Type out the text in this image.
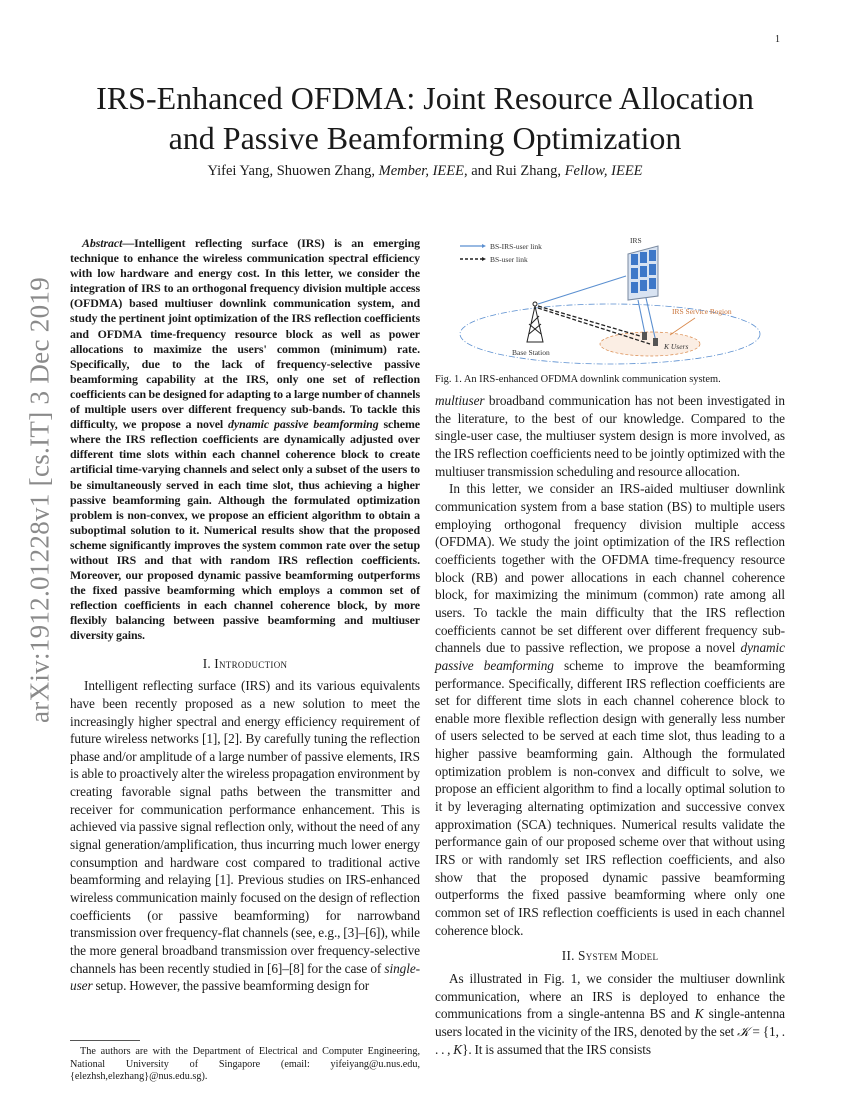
1
arXiv:1912.01228v1 [cs.IT] 3 Dec 2019
IRS-Enhanced OFDMA: Joint Resource Allocation
and Passive Beamforming Optimization
Yifei Yang, Shuowen Zhang, Member, IEEE, and Rui Zhang, Fellow, IEEE

Abstract—Intelligent reflecting surface (IRS) is an emerging technique to enhance the wireless communication spectral efficiency with low hardware and energy cost. In this letter, we consider the integration of IRS to an orthogonal frequency division multiple access (OFDMA) based multiuser downlink communication system, and study the pertinent joint optimization of the IRS reflection coefficients and OFDMA time-frequency resource block as well as power allocations to maximize the users' common (minimum) rate. Specifically, due to the lack of frequency-selective passive beamforming capability at the IRS, only one set of reflection coefficients can be designed for adapting to a large number of channels of multiple users over different frequency sub-bands. To tackle this difficulty, we propose a novel dynamic passive beamforming scheme where the IRS reflection coefficients are dynamically adjusted over different time slots within each channel coherence block to create artificial time-varying channels and select only a subset of the users to be simultaneously served in each time slot, thus achieving a higher passive beamforming gain. Although the formulated optimization problem is non-convex, we propose an efficient algorithm to obtain a suboptimal solution to it. Numerical results show that the proposed scheme significantly improves the system common rate over the setup without IRS and that with random IRS reflection coefficients. Moreover, our proposed dynamic passive beamforming outperforms the fixed passive beamforming which employs a common set of reflection coefficients in each channel coherence block, by more flexibly balancing between passive beamforming and multiuser diversity gains.

I. Introduction

Intelligent reflecting surface (IRS) and its various equivalents have been recently proposed as a new solution to meet the increasingly higher spectral and energy efficiency requirement of future wireless networks [1], [2]. By carefully tuning the reflection phase and/or amplitude of a large number of passive elements, IRS is able to proactively alter the wireless propagation environment by creating favorable signal paths between the transmitter and receiver for communication performance enhancement. This is achieved via passive signal reflection only, without the need of any signal generation/amplification, thus incurring much lower energy consumption and hardware cost compared to traditional active beamforming and relaying [1]. Previous studies on IRS-enhanced wireless communication mainly focused on the design of reflection coefficients (or passive beamforming) for narrowband transmission over frequency-flat channels (see, e.g., [3]–[6]), while the more general broadband transmission over frequency-selective channels has been recently studied in [6]–[8] for the case of single-user setup. However, the passive beamforming design for

The authors are with the Department of Electrical and Computer Engineering, National University of Singapore (email: yifeiyang@u.nus.edu, {elezhsh,elezhang}@nus.edu.sg).
BS-IRS-user link
BS-user link
IRS
Base Station
IRS Service Region
K Users
Fig. 1. An IRS-enhanced OFDMA downlink communication system.

multiuser broadband communication has not been investigated in the literature, to the best of our knowledge. Compared to the single-user case, the multiuser system design is more involved, as the IRS reflection coefficients need to be jointly optimized with the multiuser transmission scheduling and resource allocation.

In this letter, we consider an IRS-aided multiuser downlink communication system from a base station (BS) to multiple users employing orthogonal frequency division multiple access (OFDMA). We study the joint optimization of the IRS reflection coefficients together with the OFDMA time-frequency resource block (RB) and power allocations in each channel coherence block, for maximizing the minimum (common) rate among all users. To tackle the main difficulty that the IRS reflection coefficients cannot be set different over different frequency sub-channels due to passive reflection, we propose a novel dynamic passive beamforming scheme to improve the beamforming performance. Specifically, different IRS reflection coefficients are set for different time slots in each channel coherence block to enable more flexible reflection design with generally less number of users selected to be served at each time slot, thus leading to a higher passive beamforming gain. Although the formulated optimization problem is non-convex and difficult to solve, we propose an efficient algorithm to find a locally optimal solution to it by leveraging alternating optimization and successive convex approximation (SCA) techniques. Numerical results validate the performance gain of our proposed scheme over that without using IRS or with randomly set IRS reflection coefficients, and also show that the proposed dynamic passive beamforming outperforms the fixed passive beamforming where only one common set of IRS reflection coefficients is used in each channel coherence block.

II. System Model

As illustrated in Fig. 1, we consider the multiuser downlink communication, where an IRS is deployed to enhance the communications from a single-antenna BS and K single-antenna users located in the vicinity of the IRS, denoted by the set 𝒦 = {1, . . . , K}. It is assumed that the IRS consists
